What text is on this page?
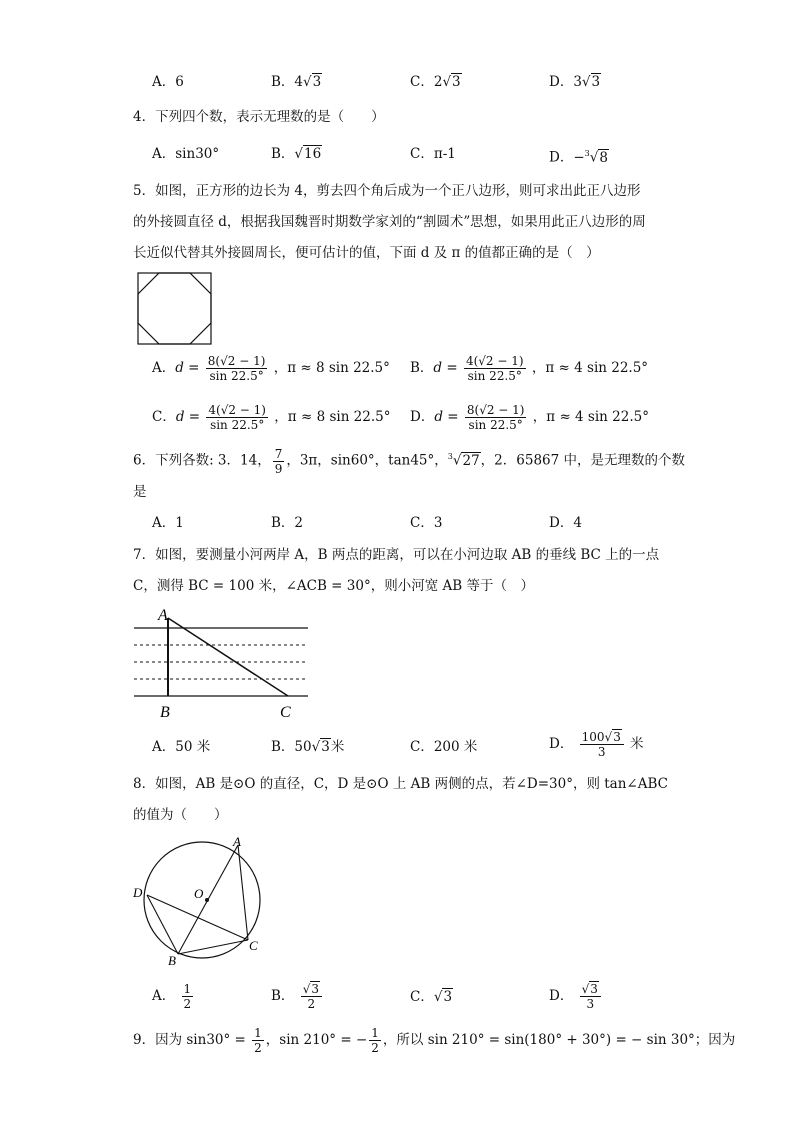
A．6	B．4√3	C．2√3	D．3√3
4．下列四个数，表示无理数的是（　　）
A．sin30°	B．√16	C．π-1	D．−$^3$√8
5．如图，正方形的边长为 4，剪去四个角后成为一个正八边形，则可求出此正八边形
的外接圆直径 d，根据我国魏晋时期数学家刘的“割圆术”思想，如果用此正八边形的周
长近似代替其外接圆周长，便可估计的值，下面 d 及 π 的值都正确的是（　）
A．$d = \frac{8(√2 - 1)}{\sin 22.5^\circ}$ ，π ≈ 8 sin 22.5° B．$d = \frac{4(√2 - 1)}{\sin 22.5^\circ}$ ，π ≈ 4 sin 22.5°
C．$d = \frac{4(√2 - 1)}{\sin 22.5^\circ}$ ，π ≈ 8 sin 22.5° D．$d = \frac{8(√2 - 1)}{\sin 22.5^\circ}$ ，π ≈ 4 sin 22.5°
6．下列各数: 3．14， $\frac{7}{9}$ ，3π，sin60°，tan45°，$^3$√27，2．65867 中，是无理数的个数
是
A．1	B．2	C．3	D．4
7．如图，要测量小河两岸 A，B 两点的距离，可以在小河边取 AB 的垂线 BC 上的一点
C，测得 BC = 100 米，∠ACB = 30°，则小河宽 AB 等于（　）
A
B	C
A．50 米	B．50√3米	C．200 米	D． $\frac{100√3}{3}$ 米
8．如图，AB 是⊙O 的直径，C，D 是⊙O 上 AB 两侧的点，若∠D=30°，则 tan∠ABC
的值为（　　）
A
B
C
D	O
A． $\frac{1}{2}$	B． $\frac{√3}{2}$	C．√3	D． $\frac{√3}{3}$
9．因为 $\sin 30^\circ = \frac{1}{2}$ ，sin 210° = − $\frac{1}{2}$ ，所以 sin 210° = sin(180° + 30°) = − sin 30°；因为
